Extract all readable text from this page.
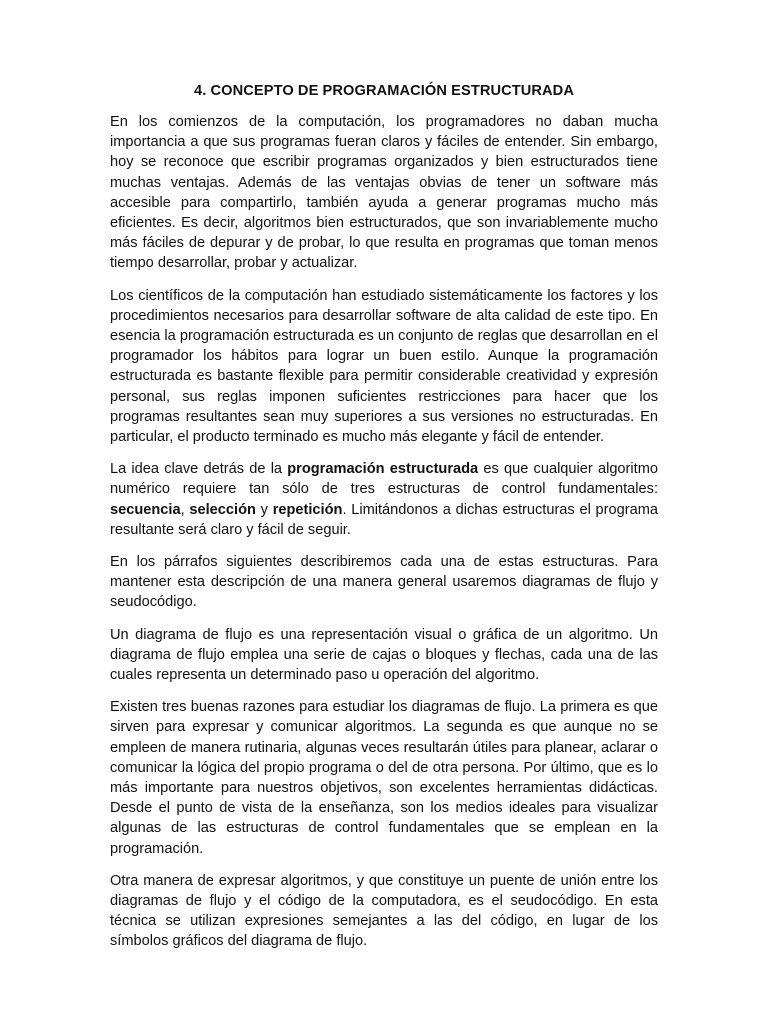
4. CONCEPTO DE PROGRAMACIÓN ESTRUCTURADA

En los comienzos de la computación, los programadores no daban mucha importancia a que sus programas fueran claros y fáciles de entender. Sin embargo, hoy se reconoce que escribir programas organizados y bien estructurados tiene muchas ventajas. Además de las ventajas obvias de tener un software más accesible para compartirlo, también ayuda a generar programas mucho más eficientes. Es decir, algoritmos bien estructurados, que son invariablemente mucho más fáciles de depurar y de probar, lo que resulta en programas que toman menos tiempo desarrollar, probar y actualizar.

Los científicos de la computación han estudiado sistemáticamente los factores y los procedimientos necesarios para desarrollar software de alta calidad de este tipo. En esencia la programación estructurada es un conjunto de reglas que desarrollan en el programador los hábitos para lograr un buen estilo. Aunque la programación estructurada es bastante flexible para permitir considerable creatividad y expresión personal, sus reglas imponen suficientes restricciones para hacer que los programas resultantes sean muy superiores a sus versiones no estructuradas. En particular, el producto terminado es mucho más elegante y fácil de entender.

La idea clave detrás de la programación estructurada es que cualquier algoritmo numérico requiere tan sólo de tres estructuras de control fundamentales: secuencia, selección y repetición. Limitándonos a dichas estructuras el programa resultante será claro y fácil de seguir.

En los párrafos siguientes describiremos cada una de estas estructuras. Para mantener esta descripción de una manera general usaremos diagramas de flujo y seudocódigo.

Un diagrama de flujo es una representación visual o gráfica de un algoritmo. Un diagrama de flujo emplea una serie de cajas o bloques y flechas, cada una de las cuales representa un determinado paso u operación del algoritmo.

Existen tres buenas razones para estudiar los diagramas de flujo. La primera es que sirven para expresar y comunicar algoritmos. La segunda es que aunque no se empleen de manera rutinaria, algunas veces resultarán útiles para planear, aclarar o comunicar la lógica del propio programa o del de otra persona. Por último, que es lo más importante para nuestros objetivos, son excelentes herramientas didácticas. Desde el punto de vista de la enseñanza, son los medios ideales para visualizar algunas de las estructuras de control fundamentales que se emplean en la programación.

Otra manera de expresar algoritmos, y que constituye un puente de unión entre los diagramas de flujo y el código de la computadora, es el seudocódigo. En esta técnica se utilizan expresiones semejantes a las del código, en lugar de los símbolos gráficos del diagrama de flujo.
